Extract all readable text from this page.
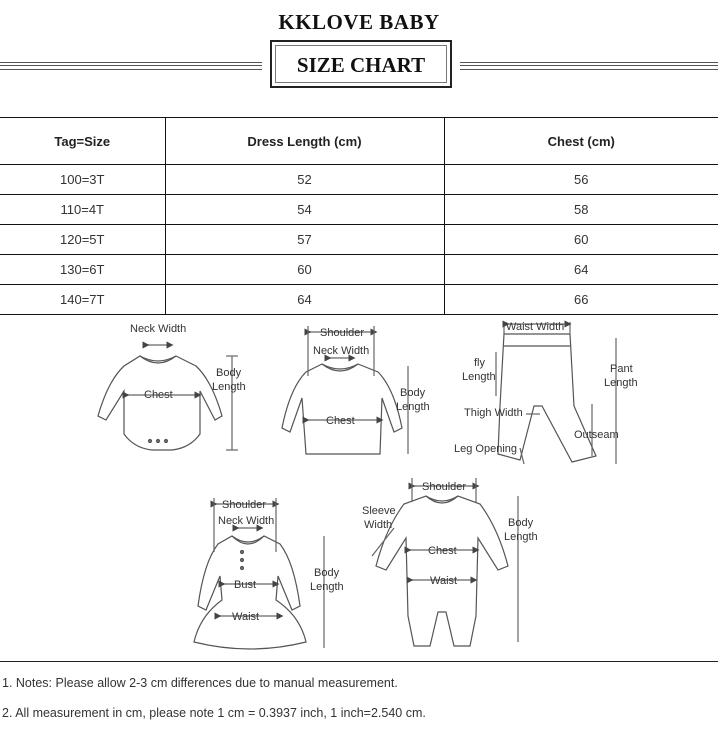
KKLOVE BABY
SIZE CHART
Tag=Size	Dress Length (cm)	Chest (cm)
100=3T	52	56
110=4T	54	58
120=5T	57	60
130=6T	60	64
140=7T	64	66
Neck Width
Body
Length
Chest
Shoulder
Neck Width
Body
Length
Chest
Waist Width
fly
Length
Pant
Length
Thigh Width
Outseam
Leg Opening
Shoulder
Neck Width
Bust
Waist
Body
Length
Shoulder
Sleeve
Width	Body
Length
Chest
Waist
1. Notes: Please allow 2-3 cm differences due to manual measurement.
2. All measurement in cm, please note 1 cm = 0.3937 inch, 1 inch=2.540 cm.
